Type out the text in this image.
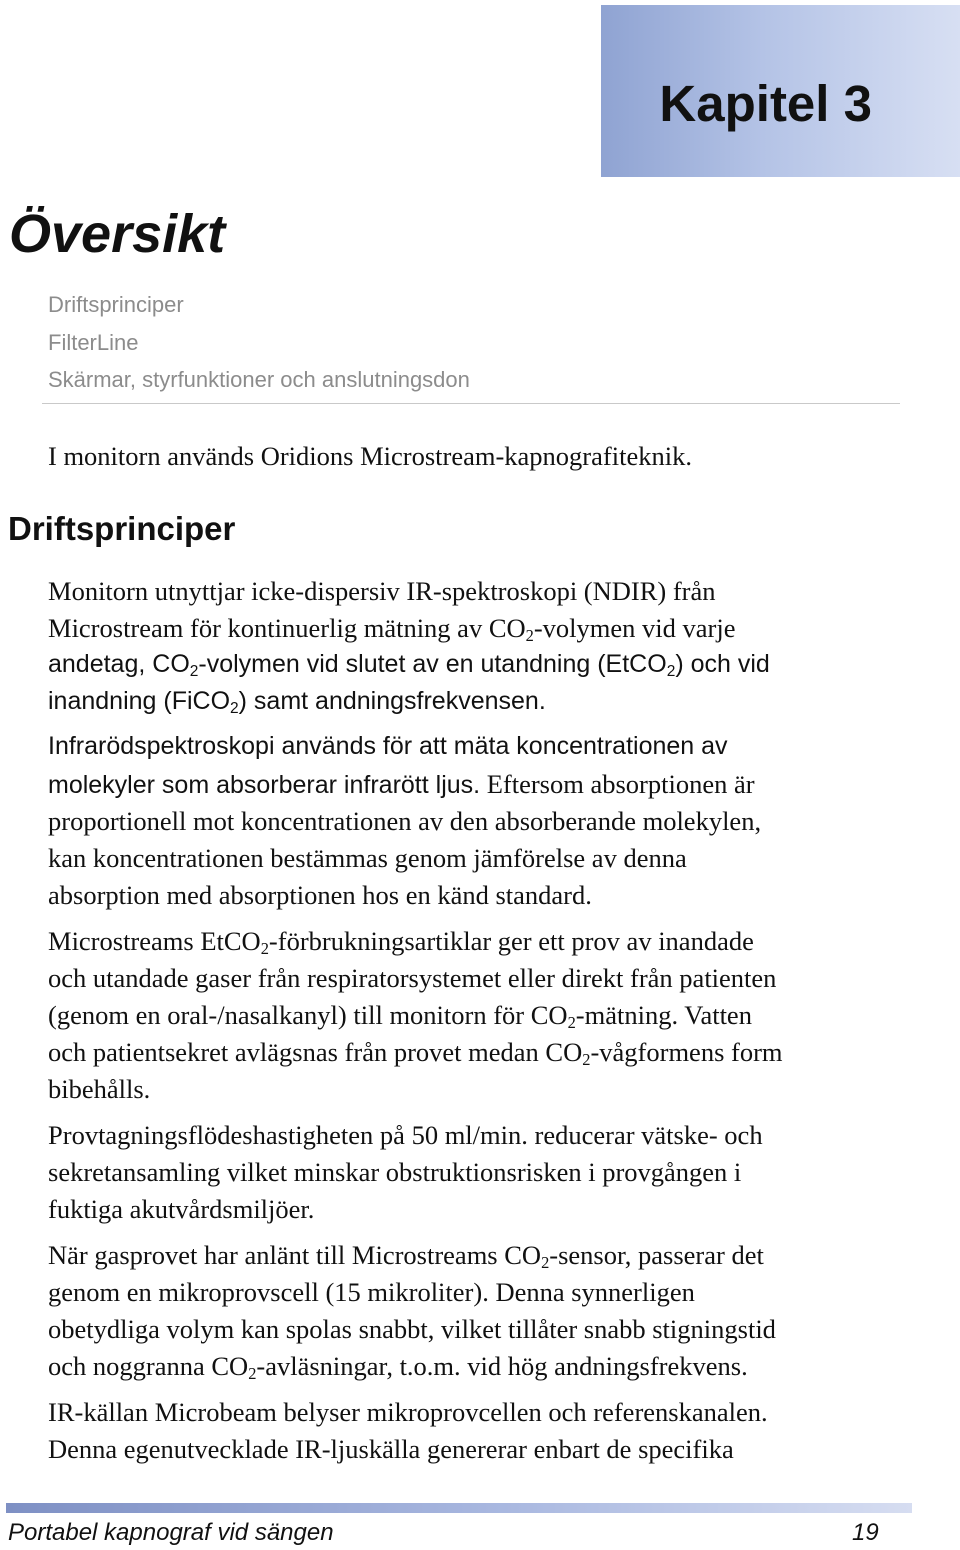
Kapitel 3
Översikt
Driftsprinciper
FilterLine
Skärmar, styrfunktioner och anslutningsdon
I monitorn används Oridions Microstream-kapnografiteknik.
Driftsprinciper
Monitorn utnyttjar icke-dispersiv IR-spektroskopi (NDIR) från
Microstream för kontinuerlig mätning av $CO_2$-volymen vid varje
andetag, $CO_2$-volymen vid slutet av en utandning (EtCO$_2$) och vid
inandning (FiCO$_2$) samt andningsfrekvensen.
Infrarödspektroskopi används för att mäta koncentrationen av
molekyler som absorberar infrarött ljus. Eftersom absorptionen är
proportionell mot koncentrationen av den absorberande molekylen,
kan koncentrationen bestämmas genom jämförelse av denna
absorption med absorptionen hos en känd standard.
Microstreams EtCO$_2$-förbrukningsartiklar ger ett prov av inandade
och utandade gaser från respiratorsystemet eller direkt från patienten
(genom en oral-/nasalkanyl) till monitorn för $CO_2$-mätning. Vatten
och patientsekret avlägsnas från provet medan $CO_2$-vågformens form
bibehålls.
Provtagningsflödeshastigheten på 50 ml/min. reducerar vätske- och
sekretansamling vilket minskar obstruktionsrisken i provgången i
fuktiga akutvårdsmiljöer.
När gasprovet har anlänt till Microstreams $CO_2$-sensor, passerar det
genom en mikroprovscell (15 mikroliter). Denna synnerligen
obetydliga volym kan spolas snabbt, vilket tillåter snabb stigningstid
och noggranna $CO_2$-avläsningar, t.o.m. vid hög andningsfrekvens.
IR-källan Microbeam belyser mikroprovcellen och referenskanalen.
Denna egenutvecklade IR-ljuskälla genererar enbart de specifika
Portabel kapnograf vid sängen	19
